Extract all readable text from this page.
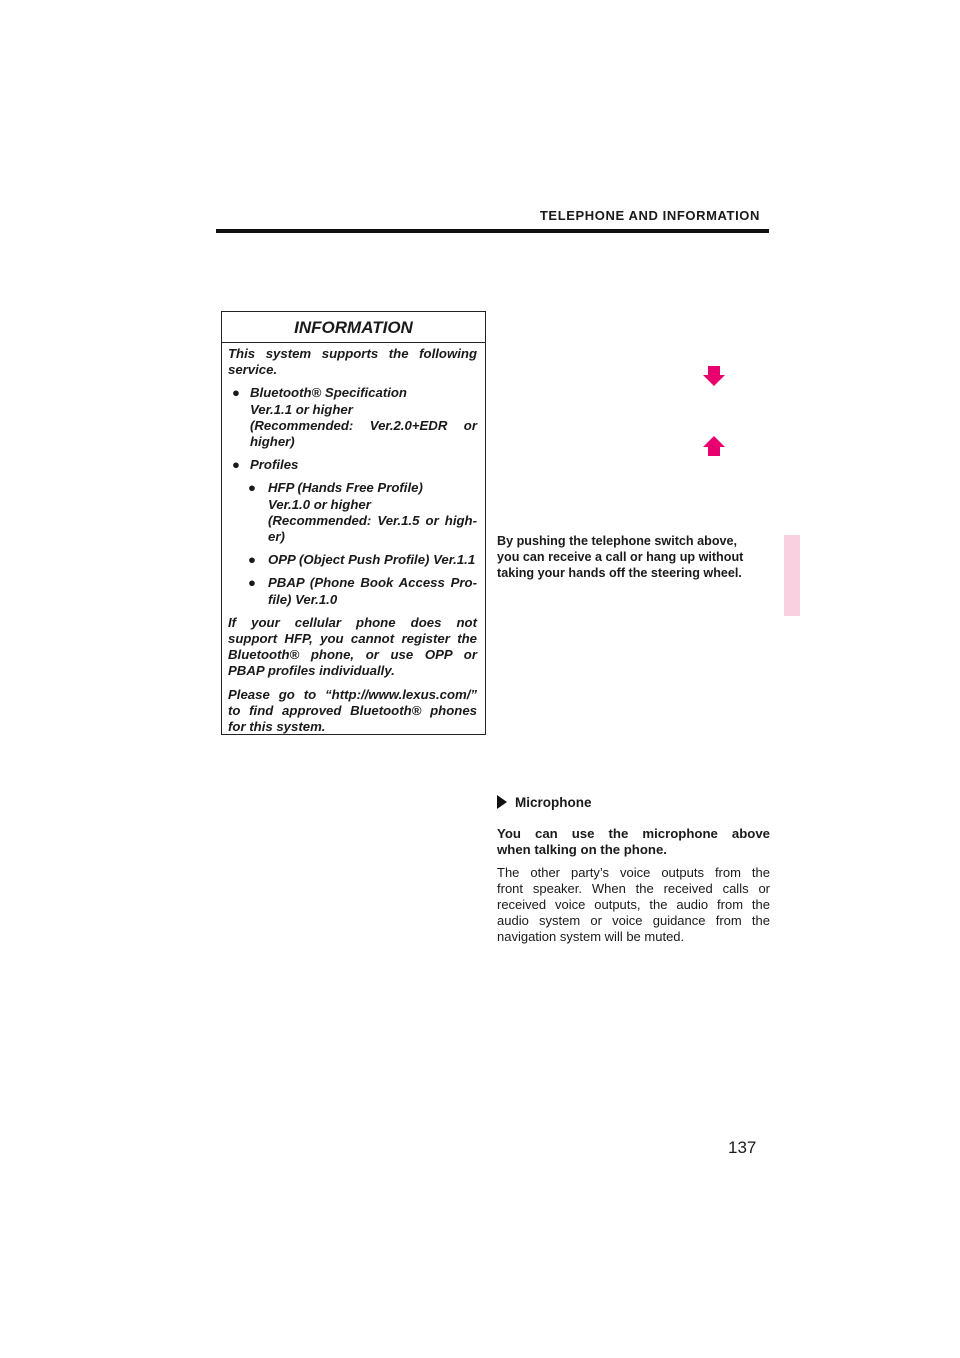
TELEPHONE AND INFORMATION
INFORMATION

This system supports the following service.

● Bluetooth® Specification
Ver.1.1 or higher
(Recommended: Ver.2.0+EDR or
higher)
● Profiles
● HFP (Hands Free Profile)
Ver.1.0 or higher
(Recommended: Ver.1.5 or high-
er)
● OPP (Object Push Profile) Ver.1.1
● PBAP (Phone Book Access Pro-
file) Ver.1.0

If your cellular phone does not
support HFP, you cannot register the
Bluetooth® phone, or use OPP or
PBAP profiles individually.

Please go to “http://www.lexus.com/”
to find approved Bluetooth® phones
for this system.

By pushing the telephone switch above,
you can receive a call or hang up without
taking your hands off the steering wheel.
Microphone
You can use the microphone above
when talking on the phone.
The other party’s voice outputs from the
front speaker. When the received calls or
received voice outputs, the audio from the
audio system or voice guidance from the
navigation system will be muted.
137
